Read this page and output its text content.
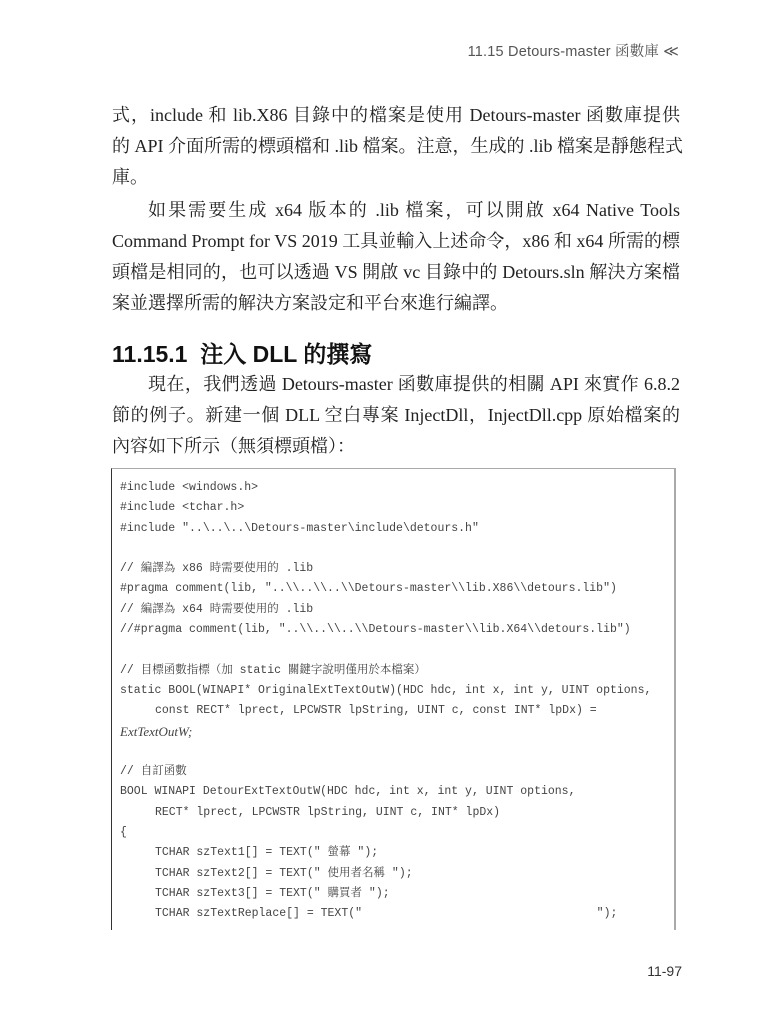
11.15 Detours-master 函數庫 ≪
式，include 和 lib.X86 目錄中的檔案是使用 Detours-master 函數庫提供
的 API 介面所需的標頭檔和 .lib 檔案。注意，生成的 .lib 檔案是靜態程式
庫。
如果需要生成 x64 版本的 .lib 檔案，可以開啟 x64 Native Tools
Command Prompt for VS 2019 工具並輸入上述命令，x86 和 x64 所需的標
頭檔是相同的，也可以透過 VS 開啟 vc 目錄中的 Detours.sln 解決方案檔
案並選擇所需的解決方案設定和平台來進行編譯。
11.15.1 注入 DLL 的撰寫
現在，我們透過 Detours-master 函數庫提供的相關 API 來實作 6.8.2
節的例子。新建一個 DLL 空白專案 InjectDll，InjectDll.cpp 原始檔案的
內容如下所示（無須標頭檔）：
#include <windows.h>
#include <tchar.h>
#include "..\..\..\Detours-master\include\detours.h"
// 編譯為 x86 時需要使用的 .lib
#pragma comment(lib, "..\\..\\..\\Detours-master\\lib.X86\\detours.lib")
// 編譯為 x64 時需要使用的 .lib
//#pragma comment(lib, "..\\..\\..\\Detours-master\\lib.X64\\detours.lib")
// 目標函數指標（加 static 關鍵字說明僅用於本檔案）
static BOOL(WINAPI* OriginalExtTextOutW)(HDC hdc, int x, int y, UINT options,
const RECT* lprect, LPCWSTR lpString, UINT c, const INT* lpDx) =
ExtTextOutW;
// 自訂函數
BOOL WINAPI DetourExtTextOutW(HDC hdc, int x, int y, UINT options,
RECT* lprect, LPCWSTR lpString, UINT c, INT* lpDx)
{
TCHAR szText1[] = TEXT(" 螢幕 ");
TCHAR szText2[] = TEXT(" 使用者名稱 ");
TCHAR szText3[] = TEXT(" 購買者 ");
TCHAR szTextReplace[] = TEXT("                                  ");
11-97
